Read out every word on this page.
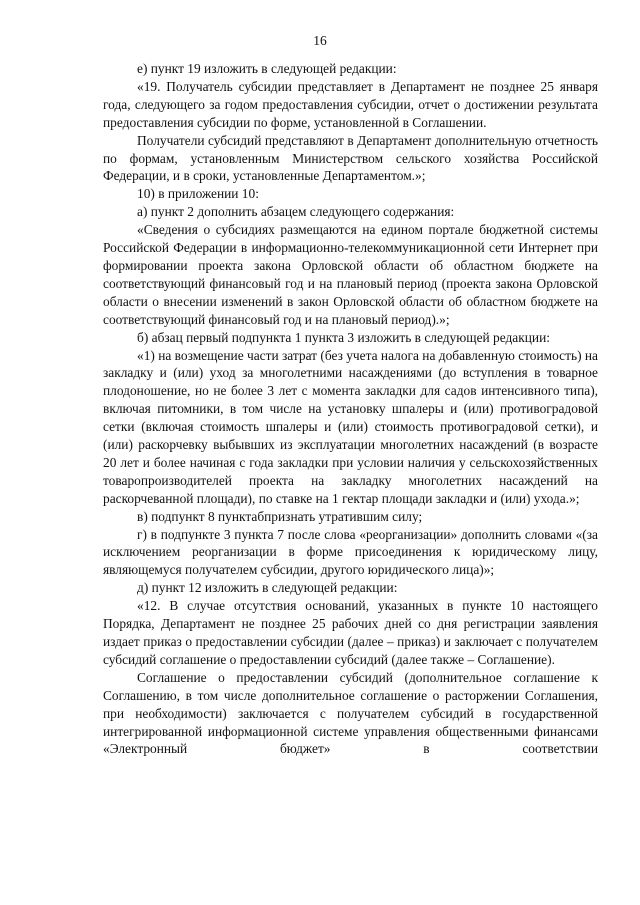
16

е) пункт 19 изложить в следующей редакции:

«19. Получатель субсидии представляет в Департамент не позднее 25 января года, следующего за годом предоставления субсидии, отчет о достижении результата предоставления субсидии по форме, установленной в Соглашении.

Получатели субсидий представляют в Департамент дополнительную отчетность по формам, установленным Министерством сельского хозяйства Российской Федерации, и в сроки, установленные Департаментом.»;

10) в приложении 10:

а) пункт 2 дополнить абзацем следующего содержания:

«Сведения о субсидиях размещаются на едином портале бюджетной системы Российской Федерации в информационно-телекоммуникационной сети Интернет при формировании проекта закона Орловской области об областном бюджете на соответствующий финансовый год и на плановый период (проекта закона Орловской области о внесении изменений в закон Орловской области об областном бюджете на соответствующий финансовый год и на плановый период).»;

б) абзац первый подпункта 1 пункта 3 изложить в следующей редакции:

«1) на возмещение части затрат (без учета налога на добавленную стоимость) на закладку и (или) уход за многолетними насаждениями (до вступления в товарное плодоношение, но не более 3 лет с момента закладки для садов интенсивного типа), включая питомники, в том числе на установку шпалеры и (или) противоградовой сетки (включая стоимость шпалеры и (или) стоимость противоградовой сетки), и (или) раскорчевку выбывших из эксплуатации многолетних насаждений (в возрасте 20 лет и более начиная с года закладки при условии наличия у сельскохозяйственных товаропроизводителей проекта на закладку многолетних насаждений на раскорчеванной площади), по ставке на 1 гектар площади закладки и (или) ухода.»;

в) подпункт 8 пунктабпризнать утратившим силу;

г) в подпункте 3 пункта 7 после слова «реорганизации» дополнить словами «(за исключением реорганизации в форме присоединения к юридическому лицу, являющемуся получателем субсидии, другого юридического лица)»;

д) пункт 12 изложить в следующей редакции:

«12. В случае отсутствия оснований, указанных в пункте 10 настоящего Порядка, Департамент не позднее 25 рабочих дней со дня регистрации заявления издает приказ о предоставлении субсидии (далее – приказ) и заключает с получателем субсидий соглашение о предоставлении субсидий (далее также – Соглашение).

Соглашение о предоставлении субсидий (дополнительное соглашение к Соглашению, в том числе дополнительное соглашение о расторжении Соглашения, при необходимости) заключается с получателем субсидий в государственной интегрированной информационной системе управления общественными финансами «Электронный бюджет» в соответствии
